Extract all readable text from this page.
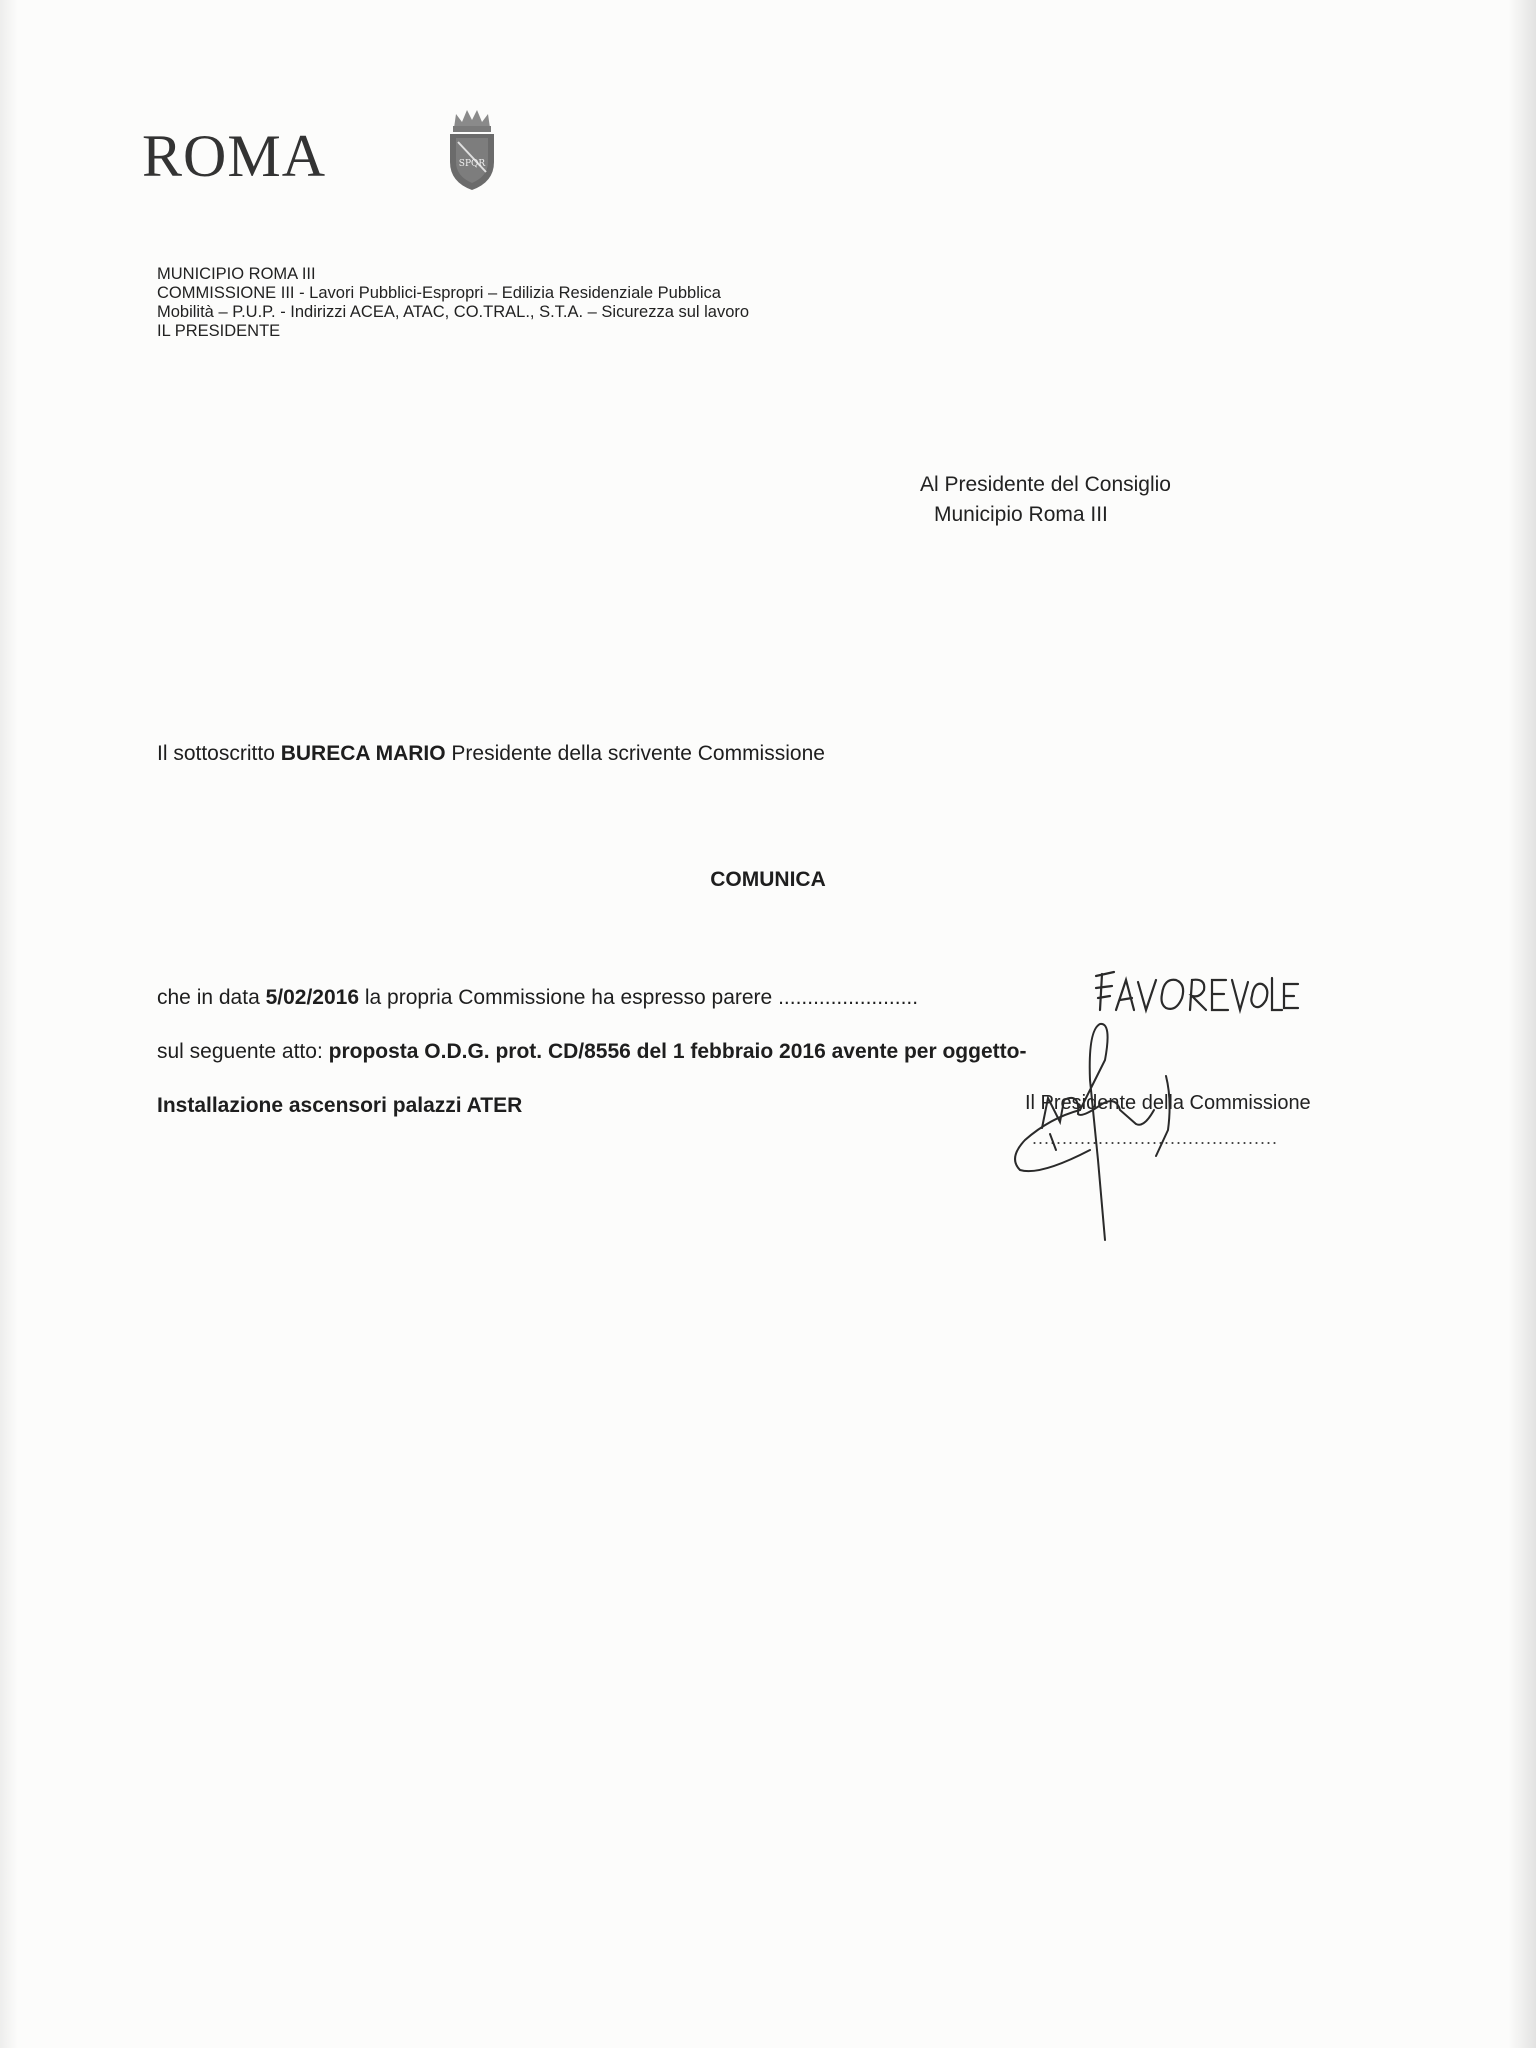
ROMA	SPQR
MUNICIPIO ROMA III
COMMISSIONE III - Lavori Pubblici-Espropri – Edilizia Residenziale Pubblica
Mobilità – P.U.P. - Indirizzi ACEA, ATAC, CO.TRAL., S.T.A. – Sicurezza sul lavoro
IL PRESIDENTE
Al Presidente del Consiglio
Municipio Roma III
Il sottoscritto BURECA MARIO Presidente della scrivente Commissione
COMUNICA
che in data 5/02/2016 la propria Commissione ha espresso parere ........................
sul seguente atto: proposta O.D.G. prot. CD/8556 del 1 febbraio 2016 avente per oggetto-
Installazione ascensori palazzi ATER	Il Presidente della Commissione
.........................................
